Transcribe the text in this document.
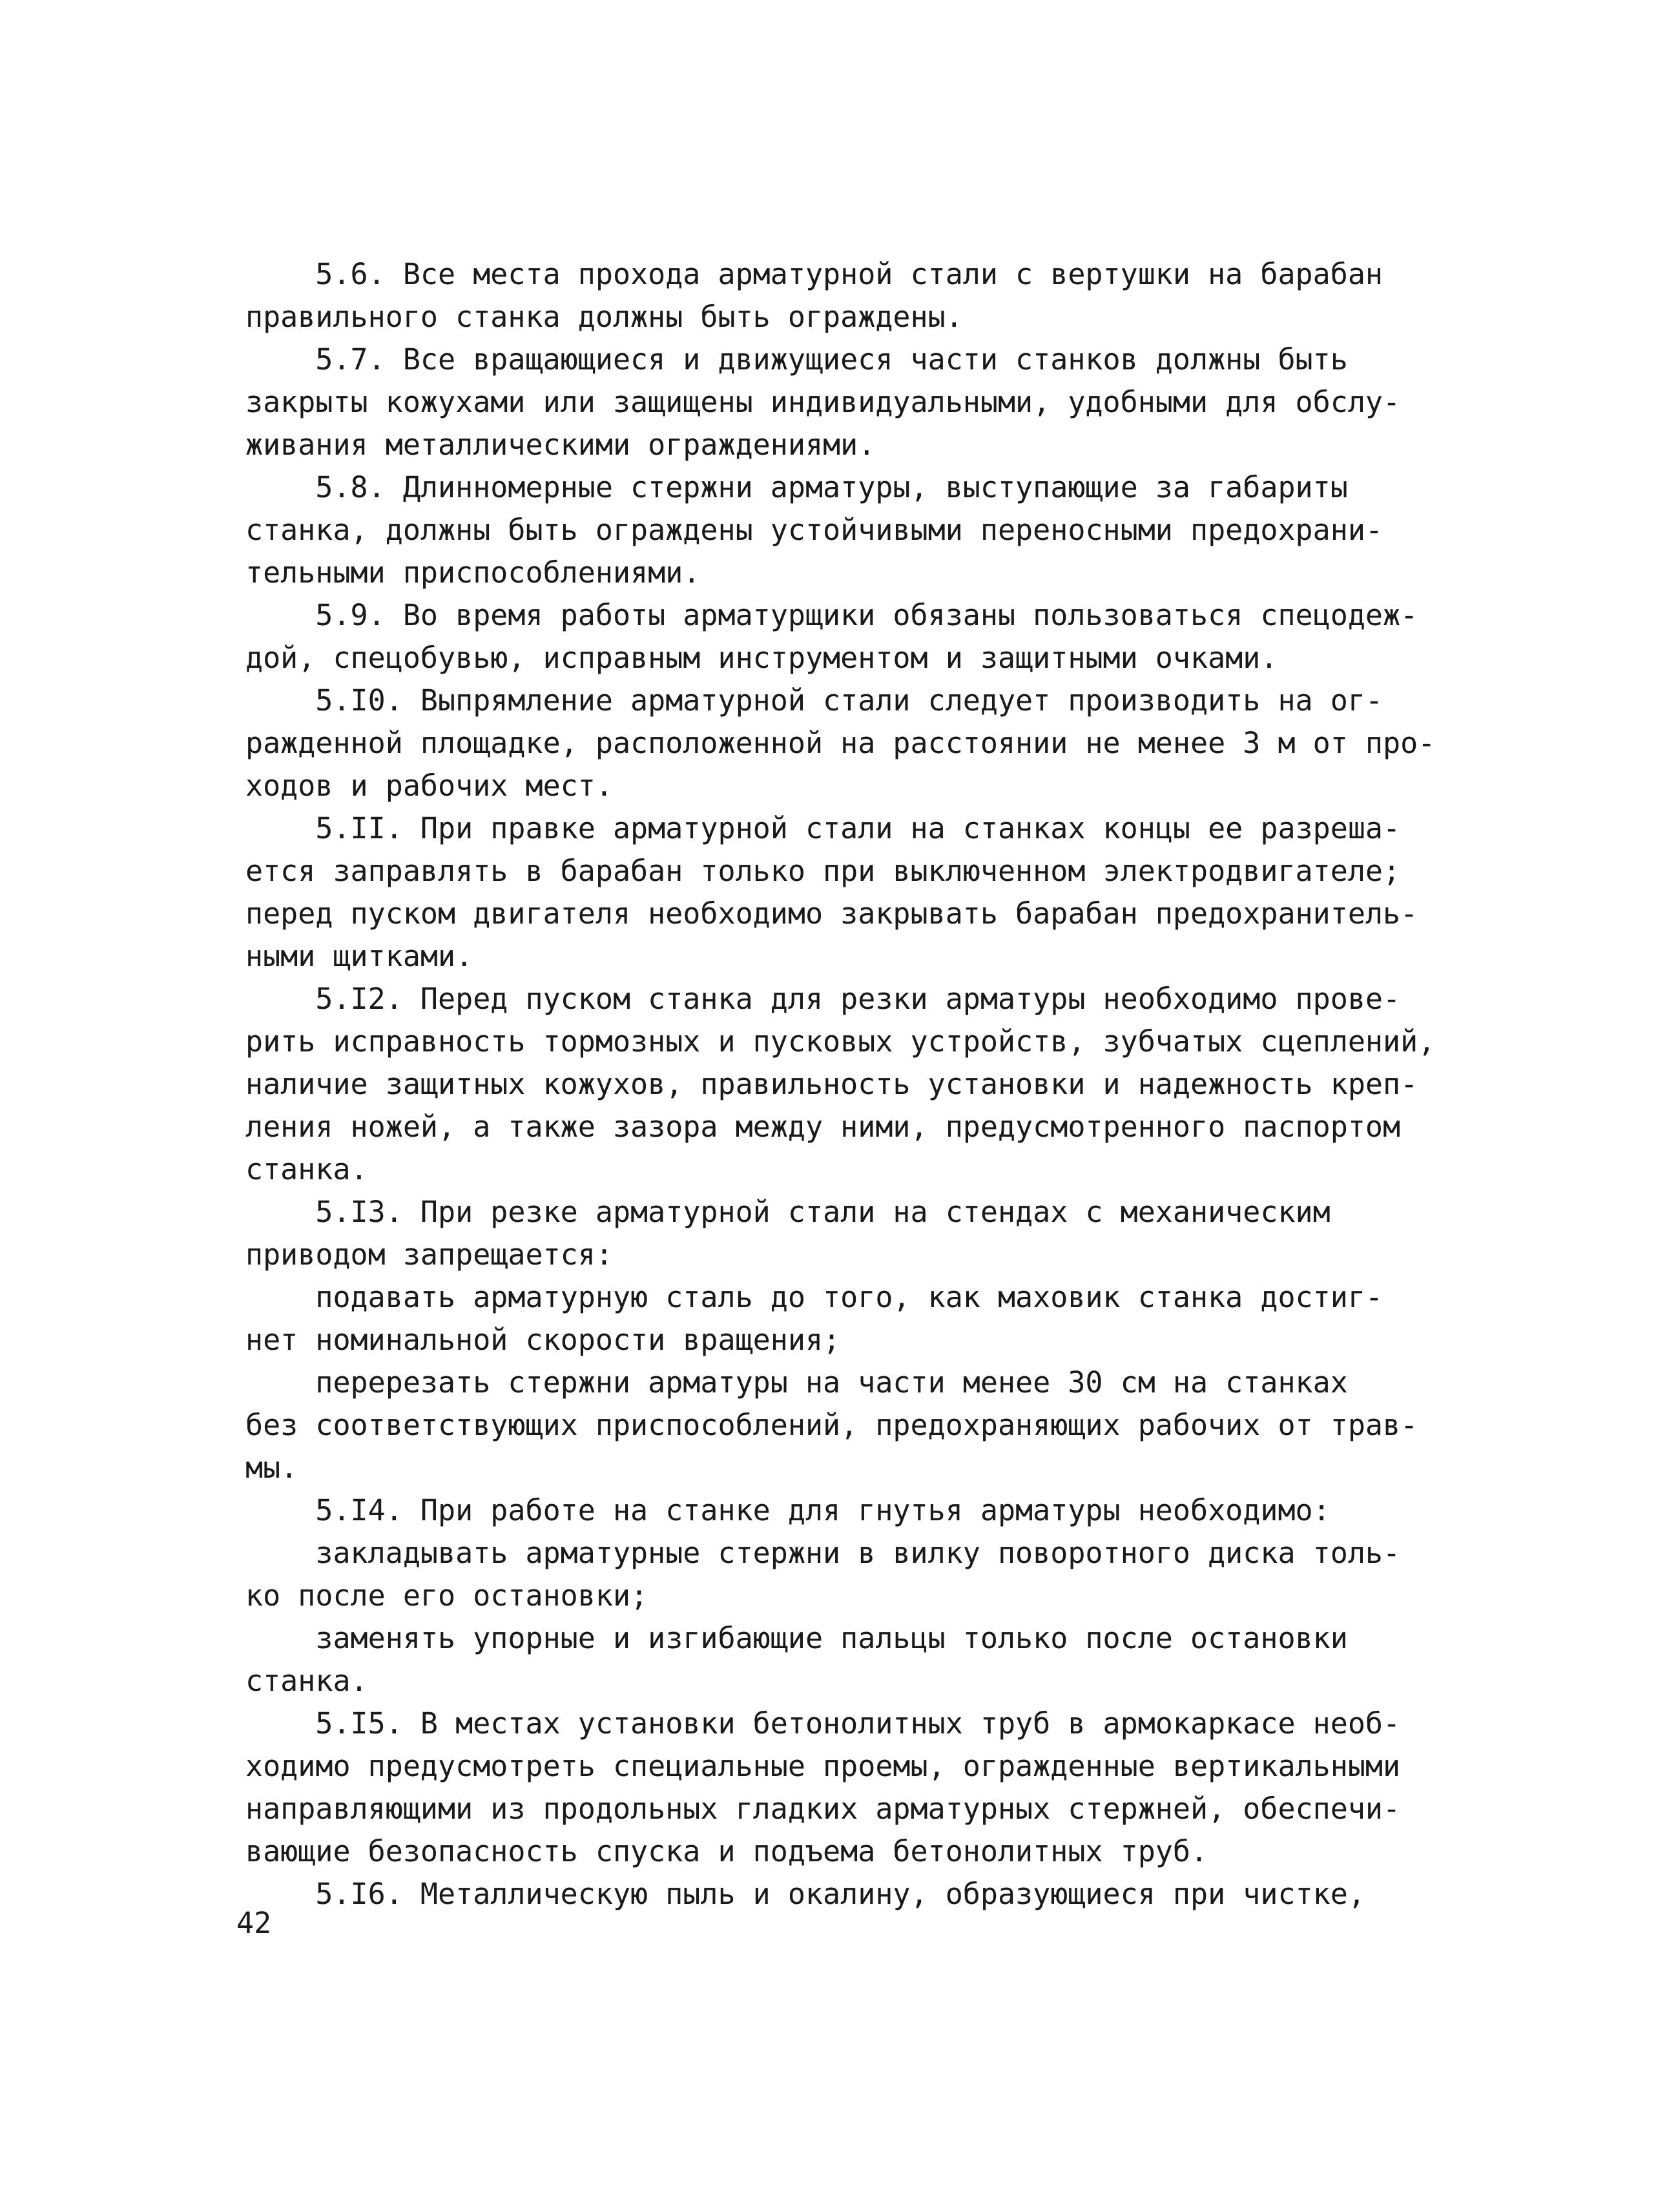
5.6. Все места прохода арматурной стали с вертушки на барабан
правильного станка должны быть ограждены.
5.7. Все вращающиеся и движущиеся части станков должны быть
закрыты кожухами или защищены индивидуальными, удобными для обслу-
живания металлическими ограждениями.
5.8. Длинномерные стержни арматуры, выступающие за габариты
станка, должны быть ограждены устойчивыми переносными предохрани-
тельными приспособлениями.
5.9. Во время работы арматурщики обязаны пользоваться спецодеж-
дой, спецобувью, исправным инструментом и защитными очками.
5.I0. Выпрямление арматурной стали следует производить на ог-
ражденной площадке, расположенной на расстоянии не менее 3 м от про-
ходов и рабочих мест.
5.II. При правке арматурной стали на станках концы ее разреша-
ется заправлять в барабан только при выключенном электродвигателе;
перед пуском двигателя необходимо закрывать барабан предохранитель-
ными щитками.
5.I2. Перед пуском станка для резки арматуры необходимо прове-
рить исправность тормозных и пусковых устройств, зубчатых сцеплений,
наличие защитных кожухов, правильность установки и надежность креп-
ления ножей, а также зазора между ними, предусмотренного паспортом
станка.
5.I3. При резке арматурной стали на стендах с механическим
приводом запрещается:
подавать арматурную сталь до того, как маховик станка достиг-
нет номинальной скорости вращения;
перерезать стержни арматуры на части менее 30 см на станках
без соответствующих приспособлений, предохраняющих рабочих от трав-
мы.
5.I4. При работе на станке для гнутья арматуры необходимо:
закладывать арматурные стержни в вилку поворотного диска толь-
ко после его остановки;
заменять упорные и изгибающие пальцы только после остановки
станка.
5.I5. В местах установки бетонолитных труб в армокаркасе необ-
ходимо предусмотреть специальные проемы, огражденные вертикальными
направляющими из продольных гладких арматурных стержней, обеспечи-
вающие безопасность спуска и подъема бетонолитных труб.
5.I6. Металлическую пыль и окалину, образующиеся при чистке,
42
